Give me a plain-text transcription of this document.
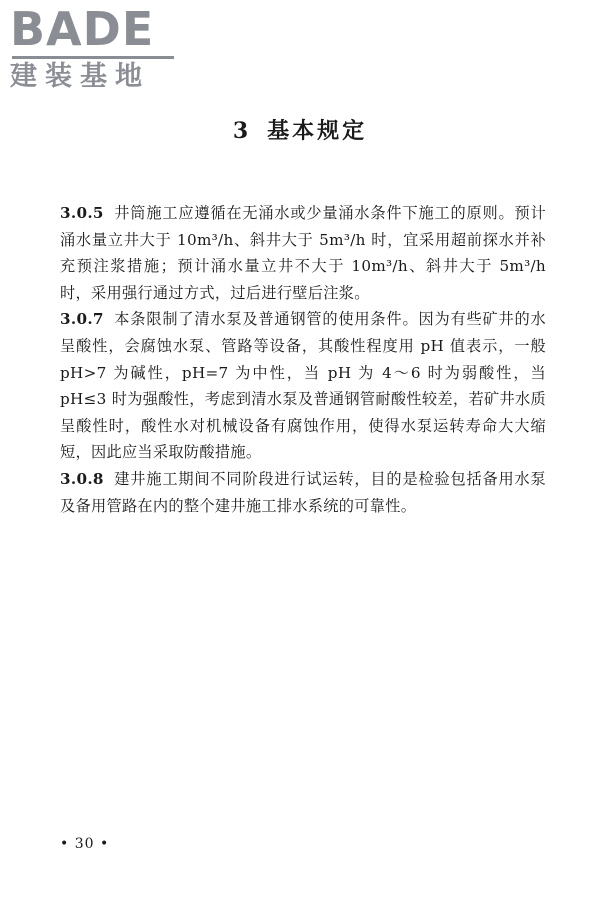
BADE
建装基地
3 基本规定

3.0.5 井筒施工应遵循在无涌水或少量涌水条件下施工的原则。预计涌水量立井大于 10m³/h、斜井大于 5m³/h 时，宜采用超前探水并补充预注浆措施；预计涌水量立井不大于 10m³/h、斜井大于 5m³/h 时，采用强行通过方式，过后进行壁后注浆。

3.0.7 本条限制了清水泵及普通钢管的使用条件。因为有些矿井的水呈酸性，会腐蚀水泵、管路等设备，其酸性程度用 pH 值表示，一般 pH>7 为碱性，pH=7 为中性，当 pH 为 4～6 时为弱酸性，当 pH≤3 时为强酸性，考虑到清水泵及普通钢管耐酸性较差，若矿井水质呈酸性时，酸性水对机械设备有腐蚀作用，使得水泵运转寿命大大缩短，因此应当采取防酸措施。

3.0.8 建井施工期间不同阶段进行试运转，目的是检验包括备用水泵及备用管路在内的整个建井施工排水系统的可靠性。

• 30 •
